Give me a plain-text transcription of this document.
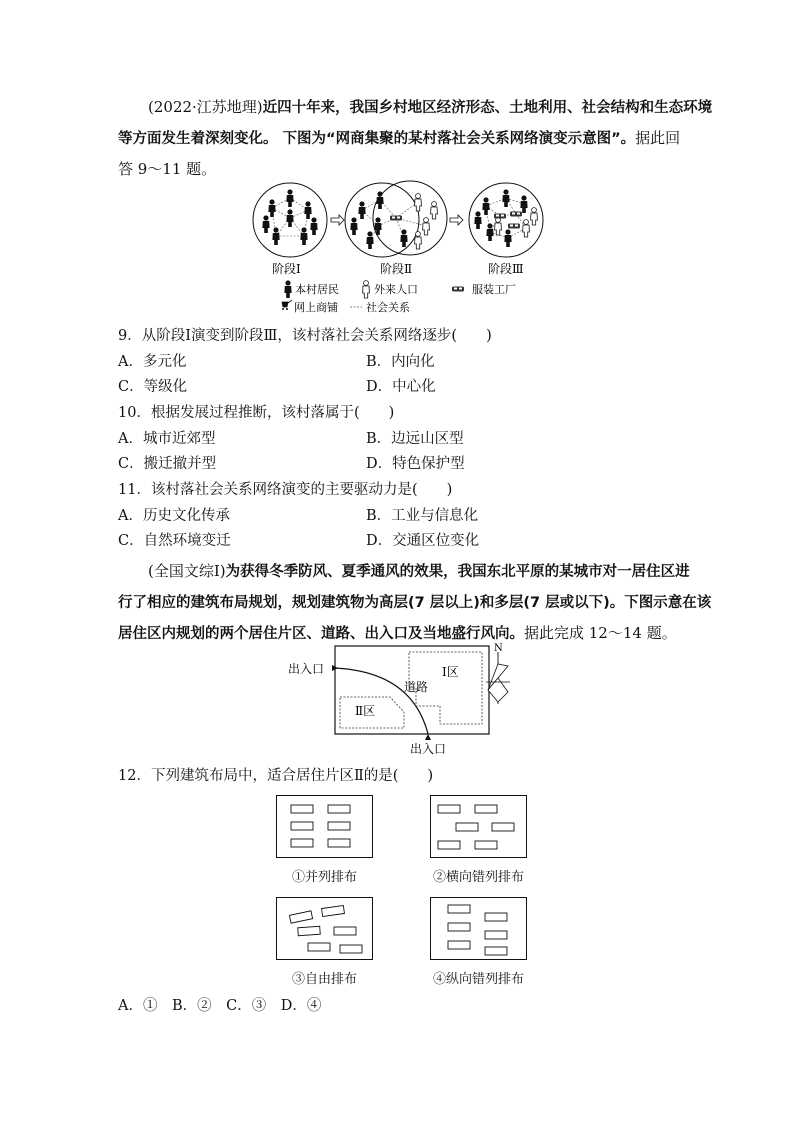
(2022·江苏地理)近四十年来，我国乡村地区经济形态、土地利用、社会结构和生态环境
等方面发生着深刻变化。 下图为“网商集聚的某村落社会关系网络演变示意图”。据此回
答 9～11 题。
阶段Ⅰ	阶段Ⅱ	阶段Ⅲ
本村居民	外来人口	服装工厂
网上商铺	社会关系
9．从阶段Ⅰ演变到阶段Ⅲ，该村落社会关系网络逐步(　　)
A．多元化	B．内向化
C．等级化	D．中心化
10．根据发展过程推断，该村落属于(　　)
A．城市近郊型	B．边远山区型
C．搬迁撤并型	D．特色保护型
11．该村落社会关系网络演变的主要驱动力是(　　)
A．历史文化传承	B．工业与信息化
C．自然环境变迁	D．交通区位变化
(全国文综Ⅰ)为获得冬季防风、夏季通风的效果，我国东北平原的某城市对一居住区进
行了相应的建筑布局规划，规划建筑物为高层(7 层以上)和多层(7 层或以下)。下图示意在该
居住区内规划的两个居住片区、道路、出入口及当地盛行风向。据此完成 12～14 题。
出入口
出入口
Ⅰ区
Ⅱ区
道路
N
12．下列建筑布局中，适合居住片区Ⅱ的是(　　)
①并列排布	②横向错列排布
③自由排布	④纵向错列排布
A．①　B．②　C．③　D．④
